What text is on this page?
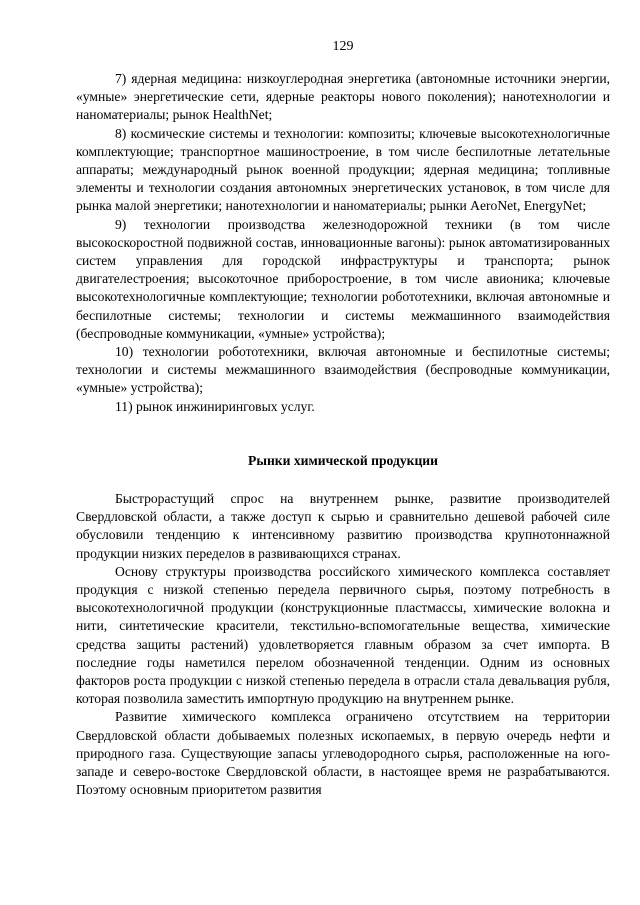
129

7) ядерная медицина: низкоуглеродная энергетика (автономные источники энергии, «умные» энергетические сети, ядерные реакторы нового поколения); нанотехнологии и наноматериалы; рынок HealthNet;

8) космические системы и технологии: композиты; ключевые высокотехнологичные комплектующие; транспортное машиностроение, в том числе беспилотные летательные аппараты; международный рынок военной продукции; ядерная медицина; топливные элементы и технологии создания автономных энергетических установок, в том числе для рынка малой энергетики; нанотехнологии и наноматериалы; рынки AeroNet, EnergyNet;

9) технологии производства железнодорожной техники (в том числе высокоскоростной подвижной состав, инновационные вагоны): рынок автоматизированных систем управления для городской инфраструктуры и транспорта; рынок двигателестроения; высокоточное приборостроение, в том числе авионика; ключевые высокотехнологичные комплектующие; технологии робототехники, включая автономные и беспилотные системы; технологии и системы межмашинного взаимодействия (беспроводные коммуникации, «умные» устройства);

10) технологии робототехники, включая автономные и беспилотные системы; технологии и системы межмашинного взаимодействия (беспроводные коммуникации, «умные» устройства);

11) рынок инжиниринговых услуг.

Рынки химической продукции

Быстрорастущий спрос на внутреннем рынке, развитие производителей Свердловской области, а также доступ к сырью и сравнительно дешевой рабочей силе обусловили тенденцию к интенсивному развитию производства крупнотоннажной продукции низких переделов в развивающихся странах.

Основу структуры производства российского химического комплекса составляет продукция с низкой степенью передела первичного сырья, поэтому потребность в высокотехнологичной продукции (конструкционные пластмассы, химические волокна и нити, синтетические красители, текстильно-вспомогательные вещества, химические средства защиты растений) удовлетворяется главным образом за счет импорта. В последние годы наметился перелом обозначенной тенденции. Одним из основных факторов роста продукции с низкой степенью передела в отрасли стала девальвация рубля, которая позволила заместить импортную продукцию на внутреннем рынке.

Развитие химического комплекса ограничено отсутствием на территории Свердловской области добываемых полезных ископаемых, в первую очередь нефти и природного газа. Существующие запасы углеводородного сырья, расположенные на юго-западе и северо-востоке Свердловской области, в настоящее время не разрабатываются. Поэтому основным приоритетом развития
